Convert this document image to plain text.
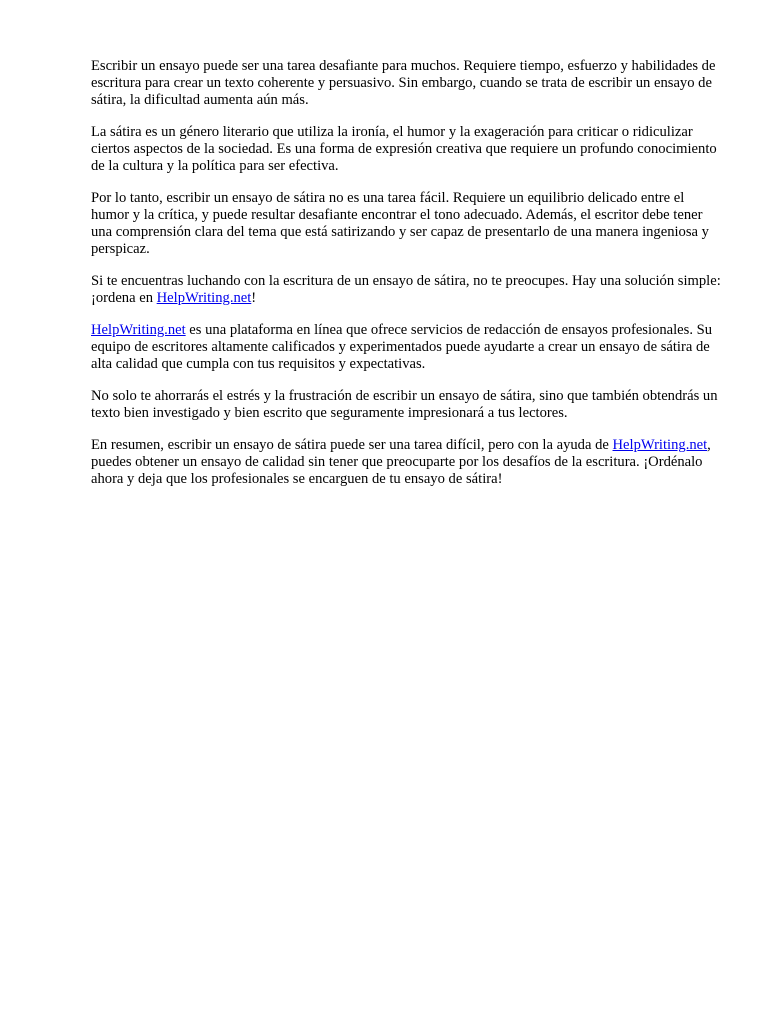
Escribir un ensayo puede ser una tarea desafiante para muchos. Requiere tiempo, esfuerzo y habilidades de escritura para crear un texto coherente y persuasivo. Sin embargo, cuando se trata de escribir un ensayo de sátira, la dificultad aumenta aún más.

La sátira es un género literario que utiliza la ironía, el humor y la exageración para criticar o ridiculizar ciertos aspectos de la sociedad. Es una forma de expresión creativa que requiere un profundo conocimiento de la cultura y la política para ser efectiva.

Por lo tanto, escribir un ensayo de sátira no es una tarea fácil. Requiere un equilibrio delicado entre el humor y la crítica, y puede resultar desafiante encontrar el tono adecuado. Además, el escritor debe tener una comprensión clara del tema que está satirizando y ser capaz de presentarlo de una manera ingeniosa y perspicaz.

Si te encuentras luchando con la escritura de un ensayo de sátira, no te preocupes. Hay una solución simple: ¡ordena en HelpWriting.net!

HelpWriting.net es una plataforma en línea que ofrece servicios de redacción de ensayos profesionales. Su equipo de escritores altamente calificados y experimentados puede ayudarte a crear un ensayo de sátira de alta calidad que cumpla con tus requisitos y expectativas.

No solo te ahorrarás el estrés y la frustración de escribir un ensayo de sátira, sino que también obtendrás un texto bien investigado y bien escrito que seguramente impresionará a tus lectores.

En resumen, escribir un ensayo de sátira puede ser una tarea difícil, pero con la ayuda de HelpWriting.net, puedes obtener un ensayo de calidad sin tener que preocuparte por los desafíos de la escritura. ¡Ordénalo ahora y deja que los profesionales se encarguen de tu ensayo de sátira!
